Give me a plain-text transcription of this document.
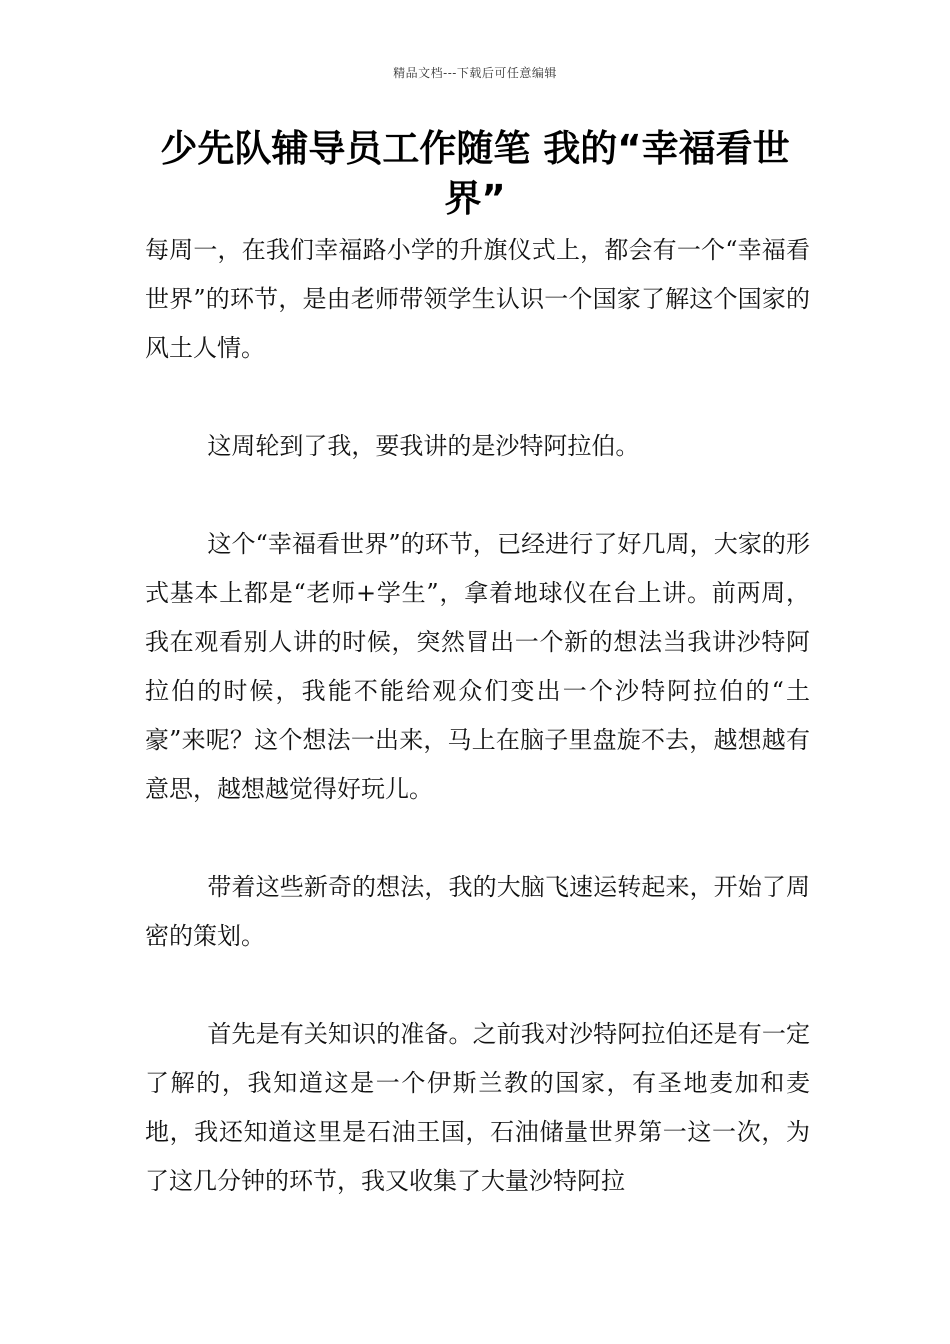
精品文档---下载后可任意编辑
少先队辅导员工作随笔 我的“幸福看世界”

每周一，在我们幸福路小学的升旗仪式上，都会有一个“幸福看世界”的环节，是由老师带领学生认识一个国家了解这个国家的风土人情。

这周轮到了我，要我讲的是沙特阿拉伯。

这个“幸福看世界”的环节，已经进行了好几周，大家的形式基本上都是“老师+学生”，拿着地球仪在台上讲。前两周，我在观看别人讲的时候，突然冒出一个新的想法当我讲沙特阿拉伯的时候，我能不能给观众们变出一个沙特阿拉伯的“土豪”来呢？这个想法一出来，马上在脑子里盘旋不去，越想越有意思，越想越觉得好玩儿。

带着这些新奇的想法，我的大脑飞速运转起来，开始了周密的策划。

首先是有关知识的准备。之前我对沙特阿拉伯还是有一定了解的，我知道这是一个伊斯兰教的国家，有圣地麦加和麦地，我还知道这里是石油王国，石油储量世界第一这一次，为了这几分钟的环节，我又收集了大量沙特阿拉
